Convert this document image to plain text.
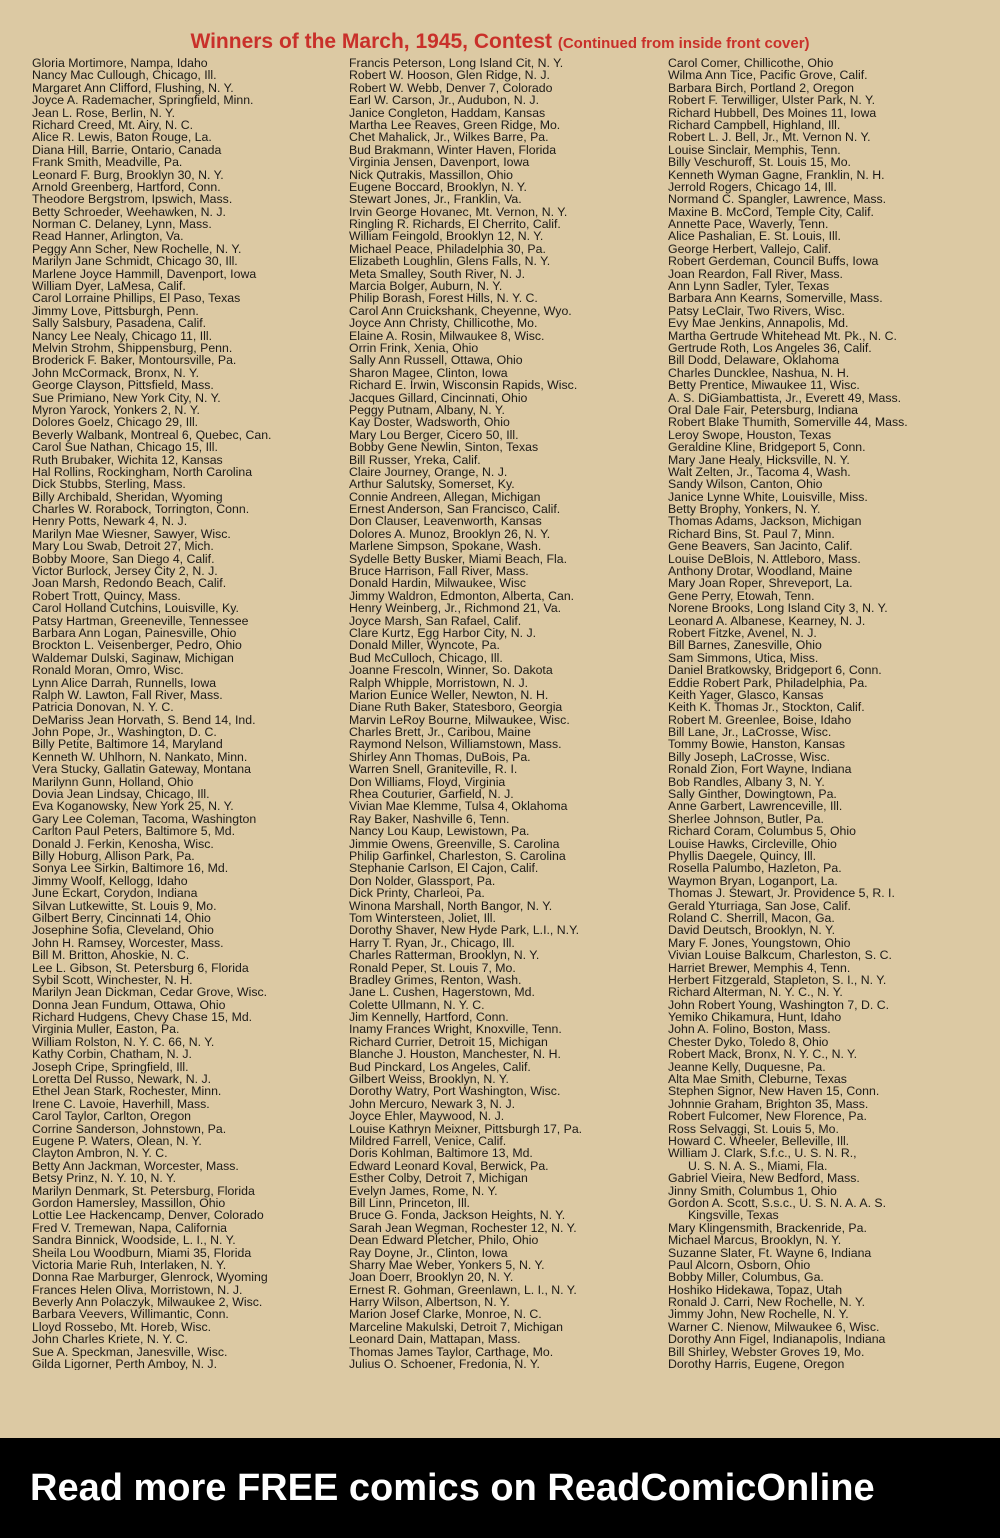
Winners of the March, 1945, Contest (Continued from inside front cover)
Gloria Mortimore, Nampa, Idaho
Nancy Mac Cullough, Chicago, Ill.
Margaret Ann Clifford, Flushing, N. Y.
Joyce A. Rademacher, Springfield, Minn.
Jean L. Rose, Berlin, N. Y.
Richard Creed, Mt. Airy, N. C.
Alice R. Lewis, Baton Rouge, La.
Diana Hill, Barrie, Ontario, Canada
Frank Smith, Meadville, Pa.
Leonard F. Burg, Brooklyn 30, N. Y.
Arnold Greenberg, Hartford, Conn.
Theodore Bergstrom, Ipswich, Mass.
Betty Schroeder, Weehawken, N. J.
Norman C. Delaney, Lynn, Mass.
Read Hanner, Arlington, Va.
Peggy Ann Scher, New Rochelle, N. Y.
Marilyn Jane Schmidt, Chicago 30, Ill.
Marlene Joyce Hammill, Davenport, Iowa
William Dyer, LaMesa, Calif.
Carol Lorraine Phillips, El Paso, Texas
Jimmy Love, Pittsburgh, Penn.
Sally Salsbury, Pasadena, Calif.
Nancy Lee Nealy, Chicago 11, Ill.
Melvin Strohm, Shippensburg, Penn.
Broderick F. Baker, Montoursville, Pa.
John McCormack, Bronx, N. Y.
George Clayson, Pittsfield, Mass.
Sue Primiano, New York City, N. Y.
Myron Yarock, Yonkers 2, N. Y.
Dolores Goelz, Chicago 29, Ill.
Beverly Walbank, Montreal 6, Quebec, Can.
Carol Sue Nathan, Chicago 15, Ill.
Ruth Brubaker, Wichita 12, Kansas
Hal Rollins, Rockingham, North Carolina
Dick Stubbs, Sterling, Mass.
Billy Archibald, Sheridan, Wyoming
Charles W. Rorabock, Torrington, Conn.
Henry Potts, Newark 4, N. J.
Marilyn Mae Wiesner, Sawyer, Wisc.
Mary Lou Swab, Detroit 27, Mich.
Bobby Moore, San Diego 4, Calif.
Victor Burlock, Jersey City 2, N. J.
Joan Marsh, Redondo Beach, Calif.
Robert Trott, Quincy, Mass.
Carol Holland Cutchins, Louisville, Ky.
Patsy Hartman, Greeneville, Tennessee
Barbara Ann Logan, Painesville, Ohio
Brockton L. Veisenberger, Pedro, Ohio
Waldemar Dulski, Saginaw, Michigan
Ronald Moran, Omro, Wisc.
Lynn Alice Darrah, Runnells, Iowa
Ralph W. Lawton, Fall River, Mass.
Patricia Donovan, N. Y. C.
DeMariss Jean Horvath, S. Bend 14, Ind.
John Pope, Jr., Washington, D. C.
Billy Petite, Baltimore 14, Maryland
Kenneth W. Uhlhorn, N. Nankato, Minn.
Vera Stucky, Gallatin Gateway, Montana
Marilynn Gunn, Holland, Ohio
Dovia Jean Lindsay, Chicago, Ill.
Eva Koganowsky, New York 25, N. Y.
Gary Lee Coleman, Tacoma, Washington
Carlton Paul Peters, Baltimore 5, Md.
Donald J. Ferkin, Kenosha, Wisc.
Billy Hoburg, Allison Park, Pa.
Sonya Lee Sirkin, Baltimore 16, Md.
Jimmy Woolf, Kellogg, Idaho
June Eckart, Corydon, Indiana
Silvan Lutkewitte, St. Louis 9, Mo.
Gilbert Berry, Cincinnati 14, Ohio
Josephine Sofia, Cleveland, Ohio
John H. Ramsey, Worcester, Mass.
Bill M. Britton, Ahoskie, N. C.
Lee L. Gibson, St. Petersburg 6, Florida
Sybil Scott, Winchester, N. H.
Marilyn Jean Dickman, Cedar Grove, Wisc.
Donna Jean Fundum, Ottawa, Ohio
Richard Hudgens, Chevy Chase 15, Md.
Virginia Muller, Easton, Pa.
William Rolston, N. Y. C. 66, N. Y.
Kathy Corbin, Chatham, N. J.
Joseph Cripe, Springfield, Ill.
Loretta Del Russo, Newark, N. J.
Ethel Jean Stark, Rochester, Minn.
Irene C. Lavoie, Haverhill, Mass.
Carol Taylor, Carlton, Oregon
Corrine Sanderson, Johnstown, Pa.
Eugene P. Waters, Olean, N. Y.
Clayton Ambron, N. Y. C.
Betty Ann Jackman, Worcester, Mass.
Betsy Prinz, N. Y. 10, N. Y.
Marilyn Denmark, St. Petersburg, Florida
Gordon Hamersley, Massillon, Ohio
Lottie Lee Hackencamp, Denver, Colorado
Fred V. Tremewan, Napa, California
Sandra Binnick, Woodside, L. I., N. Y.
Sheila Lou Woodburn, Miami 35, Florida
Victoria Marie Ruh, Interlaken, N. Y.
Donna Rae Marburger, Glenrock, Wyoming
Frances Helen Oliva, Morristown, N. J.
Beverly Ann Polaczyk, Milwaukee 2, Wisc.
Barbara Veevers, Willimantic, Conn.
Lloyd Rossebo, Mt. Horeb, Wisc.
John Charles Kriete, N. Y. C.
Sue A. Speckman, Janesville, Wisc.
Gilda Ligorner, Perth Amboy, N. J.
Francis Peterson, Long Island Cit, N. Y.
Robert W. Hooson, Glen Ridge, N. J.
Robert W. Webb, Denver 7, Colorado
Earl W. Carson, Jr., Audubon, N. J.
Janice Congleton, Haddam, Kansas
Martha Lee Reaves, Green Ridge, Mo.
Chet Mahalick, Jr., Wilkes Barre, Pa.
Bud Brakmann, Winter Haven, Florida
Virginia Jensen, Davenport, Iowa
Nick Qutrakis, Massillon, Ohio
Eugene Boccard, Brooklyn, N. Y.
Stewart Jones, Jr., Franklin, Va.
Irvin George Hovanec, Mt. Vernon, N. Y.
Ringling R. Richards, El Cherrito, Calif.
William Feingold, Brooklyn 12, N. Y.
Michael Peace, Philadelphia 30, Pa.
Elizabeth Loughlin, Glens Falls, N. Y.
Meta Smalley, South River, N. J.
Marcia Bolger, Auburn, N. Y.
Philip Borash, Forest Hills, N. Y. C.
Carol Ann Cruickshank, Cheyenne, Wyo.
Joyce Ann Christy, Chillicothe, Mo.
Elaine A. Rosin, Milwaukee 8, Wisc.
Orrin Frink, Xenia, Ohio
Sally Ann Russell, Ottawa, Ohio
Sharon Magee, Clinton, Iowa
Richard E. Irwin, Wisconsin Rapids, Wisc.
Jacques Gillard, Cincinnati, Ohio
Peggy Putnam, Albany, N. Y.
Kay Doster, Wadsworth, Ohio
Mary Lou Berger, Cicero 50, Ill.
Bobby Gene Newlin, Sinton, Texas
Bill Russer, Yreka, Calif.
Claire Journey, Orange, N. J.
Arthur Salutsky, Somerset, Ky.
Connie Andreen, Allegan, Michigan
Ernest Anderson, San Francisco, Calif.
Don Clauser, Leavenworth, Kansas
Dolores A. Munoz, Brooklyn 26, N. Y.
Marlene Simpson, Spokane, Wash.
Sydelle Betty Busker, Miami Beach, Fla.
Bruce Harrison, Fall River, Mass.
Donald Hardin, Milwaukee, Wisc
Jimmy Waldron, Edmonton, Alberta, Can.
Henry Weinberg, Jr., Richmond 21, Va.
Joyce Marsh, San Rafael, Calif.
Clare Kurtz, Egg Harbor City, N. J.
Donald Miller, Wyncote, Pa.
Bud McCulloch, Chicago, Ill.
Joanne Frescoln, Winner, So. Dakota
Ralph Whipple, Morristown, N. J.
Marion Eunice Weller, Newton, N. H.
Diane Ruth Baker, Statesboro, Georgia
Marvin LeRoy Bourne, Milwaukee, Wisc.
Charles Brett, Jr., Caribou, Maine
Raymond Nelson, Williamstown, Mass.
Shirley Ann Thomas, DuBois, Pa.
Warren Snell, Graniteville, R. I.
Don Williams, Floyd, Virginia
Rhea Couturier, Garfield, N. J.
Vivian Mae Klemme, Tulsa 4, Oklahoma
Ray Baker, Nashville 6, Tenn.
Nancy Lou Kaup, Lewistown, Pa.
Jimmie Owens, Greenville, S. Carolina
Philip Garfinkel, Charleston, S. Carolina
Stephanie Carlson, El Cajon, Calif.
Don Nolder, Glassport, Pa.
Dick Printy, Charleoi, Pa.
Winona Marshall, North Bangor, N. Y.
Tom Wintersteen, Joliet, Ill.
Dorothy Shaver, New Hyde Park, L.I., N.Y.
Harry T. Ryan, Jr., Chicago, Ill.
Charles Ratterman, Brooklyn, N. Y.
Ronald Peper, St. Louis 7, Mo.
Bradley Grimes, Renton, Wash.
Jane L. Cushen, Hagerstown, Md.
Colette Ullmann, N. Y. C.
Jim Kennelly, Hartford, Conn.
Inamy Frances Wright, Knoxville, Tenn.
Richard Currier, Detroit 15, Michigan
Blanche J. Houston, Manchester, N. H.
Bud Pinckard, Los Angeles, Calif.
Gilbert Weiss, Brooklyn, N. Y.
Dorothy Watry, Port Washington, Wisc.
John Mercuro, Newark 3, N. J.
Joyce Ehler, Maywood, N. J.
Louise Kathryn Meixner, Pittsburgh 17, Pa.
Mildred Farrell, Venice, Calif.
Doris Kohlman, Baltimore 13, Md.
Edward Leonard Koval, Berwick, Pa.
Esther Colby, Detroit 7, Michigan
Evelyn James, Rome, N. Y.
Bill Linn, Princeton, Ill.
Bruce G. Fonda, Jackson Heights, N. Y.
Sarah Jean Wegman, Rochester 12, N. Y.
Dean Edward Pletcher, Philo, Ohio
Ray Doyne, Jr., Clinton, Iowa
Sharry Mae Weber, Yonkers 5, N. Y.
Joan Doerr, Brooklyn 20, N. Y.
Ernest R. Gohman, Greenlawn, L. I., N. Y.
Harry Wilson, Albertson, N. Y.
Marion Josef Clarke, Monroe, N. C.
Marceline Makulski, Detroit 7, Michigan
Leonard Dain, Mattapan, Mass.
Thomas James Taylor, Carthage, Mo.
Julius O. Schoener, Fredonia, N. Y.
Carol Comer, Chillicothe, Ohio
Wilma Ann Tice, Pacific Grove, Calif.
Barbara Birch, Portland 2, Oregon
Robert F. Terwilliger, Ulster Park, N. Y.
Richard Hubbell, Des Moines 11, Iowa
Richard Campbell, Highland, Ill.
Robert L. J. Bell, Jr., Mt. Vernon N. Y.
Louise Sinclair, Memphis, Tenn.
Billy Veschuroff, St. Louis 15, Mo.
Kenneth Wyman Gagne, Franklin, N. H.
Jerrold Rogers, Chicago 14, Ill.
Normand C. Spangler, Lawrence, Mass.
Maxine B. McCord, Temple City, Calif.
Annette Pace, Waverly, Tenn.
Alice Pashalian, E. St. Louis, Ill.
George Herbert, Vallejo, Calif.
Robert Gerdeman, Council Buffs, Iowa
Joan Reardon, Fall River, Mass.
Ann Lynn Sadler, Tyler, Texas
Barbara Ann Kearns, Somerville, Mass.
Patsy LeClair, Two Rivers, Wisc.
Evy Mae Jenkins, Annapolis, Md.
Martha Gertrude Whitehead Mt. Pk., N. C.
Gertrude Roth, Los Angeles 36, Calif.
Bill Dodd, Delaware, Oklahoma
Charles Duncklee, Nashua, N. H.
Betty Prentice, Miwaukee 11, Wisc.
A. S. DiGiambattista, Jr., Everett 49, Mass.
Oral Dale Fair, Petersburg, Indiana
Robert Blake Thumith, Somerville 44, Mass.
Leroy Swope, Houston, Texas
Geraldine Kline, Bridgeport 5, Conn.
Mary Jane Healy, Hicksville, N. Y.
Walt Zelten, Jr., Tacoma 4, Wash.
Sandy Wilson, Canton, Ohio
Janice Lynne White, Louisville, Miss.
Betty Brophy, Yonkers, N. Y.
Thomas Adams, Jackson, Michigan
Richard Bins, St. Paul 7, Minn.
Gene Beavers, San Jacinto, Calif.
Louise DeBlois, N. Attleboro, Mass.
Anthony Drotar, Woodland, Maine
Mary Joan Roper, Shreveport, La.
Gene Perry, Etowah, Tenn.
Norene Brooks, Long Island City 3, N. Y.
Leonard A. Albanese, Kearney, N. J.
Robert Fitzke, Avenel, N. J.
Bill Barnes, Zanesville, Ohio
Sam Simmons, Utica, Miss.
Daniel Bratkowsky, Bridgeport 6, Conn.
Eddie Robert Park, Philadelphia, Pa.
Keith Yager, Glasco, Kansas
Keith K. Thomas Jr., Stockton, Calif.
Robert M. Greenlee, Boise, Idaho
Bill Lane, Jr., LaCrosse, Wisc.
Tommy Bowie, Hanston, Kansas
Billy Joseph, LaCrosse, Wisc.
Ronald Zion, Fort Wayne, Indiana
Bob Randles, Albany 3, N. Y.
Sally Ginther, Dowingtown, Pa.
Anne Garbert, Lawrenceville, Ill.
Sherlee Johnson, Butler, Pa.
Richard Coram, Columbus 5, Ohio
Louise Hawks, Circleville, Ohio
Phyllis Daegele, Quincy, Ill.
Rosella Palumbo, Hazleton, Pa.
Waymon Bryan, Loganport, La.
Thomas J. Stewart, Jr. Providence 5, R. I.
Gerald Yturriaga, San Jose, Calif.
Roland C. Sherrill, Macon, Ga.
David Deutsch, Brooklyn, N. Y.
Mary F. Jones, Youngstown, Ohio
Vivian Louise Balkcum, Charleston, S. C.
Harriet Brewer, Memphis 4, Tenn.
Herbert Fitzgerald, Stapleton, S. I., N. Y.
Richard Alterman, N. Y. C., N. Y.
John Robert Young, Washington 7, D. C.
Yemiko Chikamura, Hunt, Idaho
John A. Folino, Boston, Mass.
Chester Dyko, Toledo 8, Ohio
Robert Mack, Bronx, N. Y. C., N. Y.
Jeanne Kelly, Duquesne, Pa.
Alta Mae Smith, Cleburne, Texas
Stephen Signor, New Haven 15, Conn.
Johnnie Graham, Brighton 35, Mass.
Robert Fulcomer, New Florence, Pa.
Ross Selvaggi, St. Louis 5, Mo.
Howard C. Wheeler, Belleville, Ill.
William J. Clark, S.f.c., U. S. N. R.,
U. S. N. A. S., Miami, Fla.
Gabriel Vieira, New Bedford, Mass.
Jinny Smith, Columbus 1, Ohio
Gordon A. Scott, S.s.c., U. S. N. A. A. S.
Kingsville, Texas
Mary Klingensmith, Brackenride, Pa.
Michael Marcus, Brooklyn, N. Y.
Suzanne Slater, Ft. Wayne 6, Indiana
Paul Alcorn, Osborn, Ohio
Bobby Miller, Columbus, Ga.
Hoshiko Hidekawa, Topaz, Utah
Ronald J. Carri, New Rochelle, N. Y.
Jimmy John, New Rochelle, N. Y.
Warner C. Nienow, Milwaukee 6, Wisc.
Dorothy Ann Figel, Indianapolis, Indiana
Bill Shirley, Webster Groves 19, Mo.
Dorothy Harris, Eugene, Oregon
Read more FREE comics on ReadComicOnline
